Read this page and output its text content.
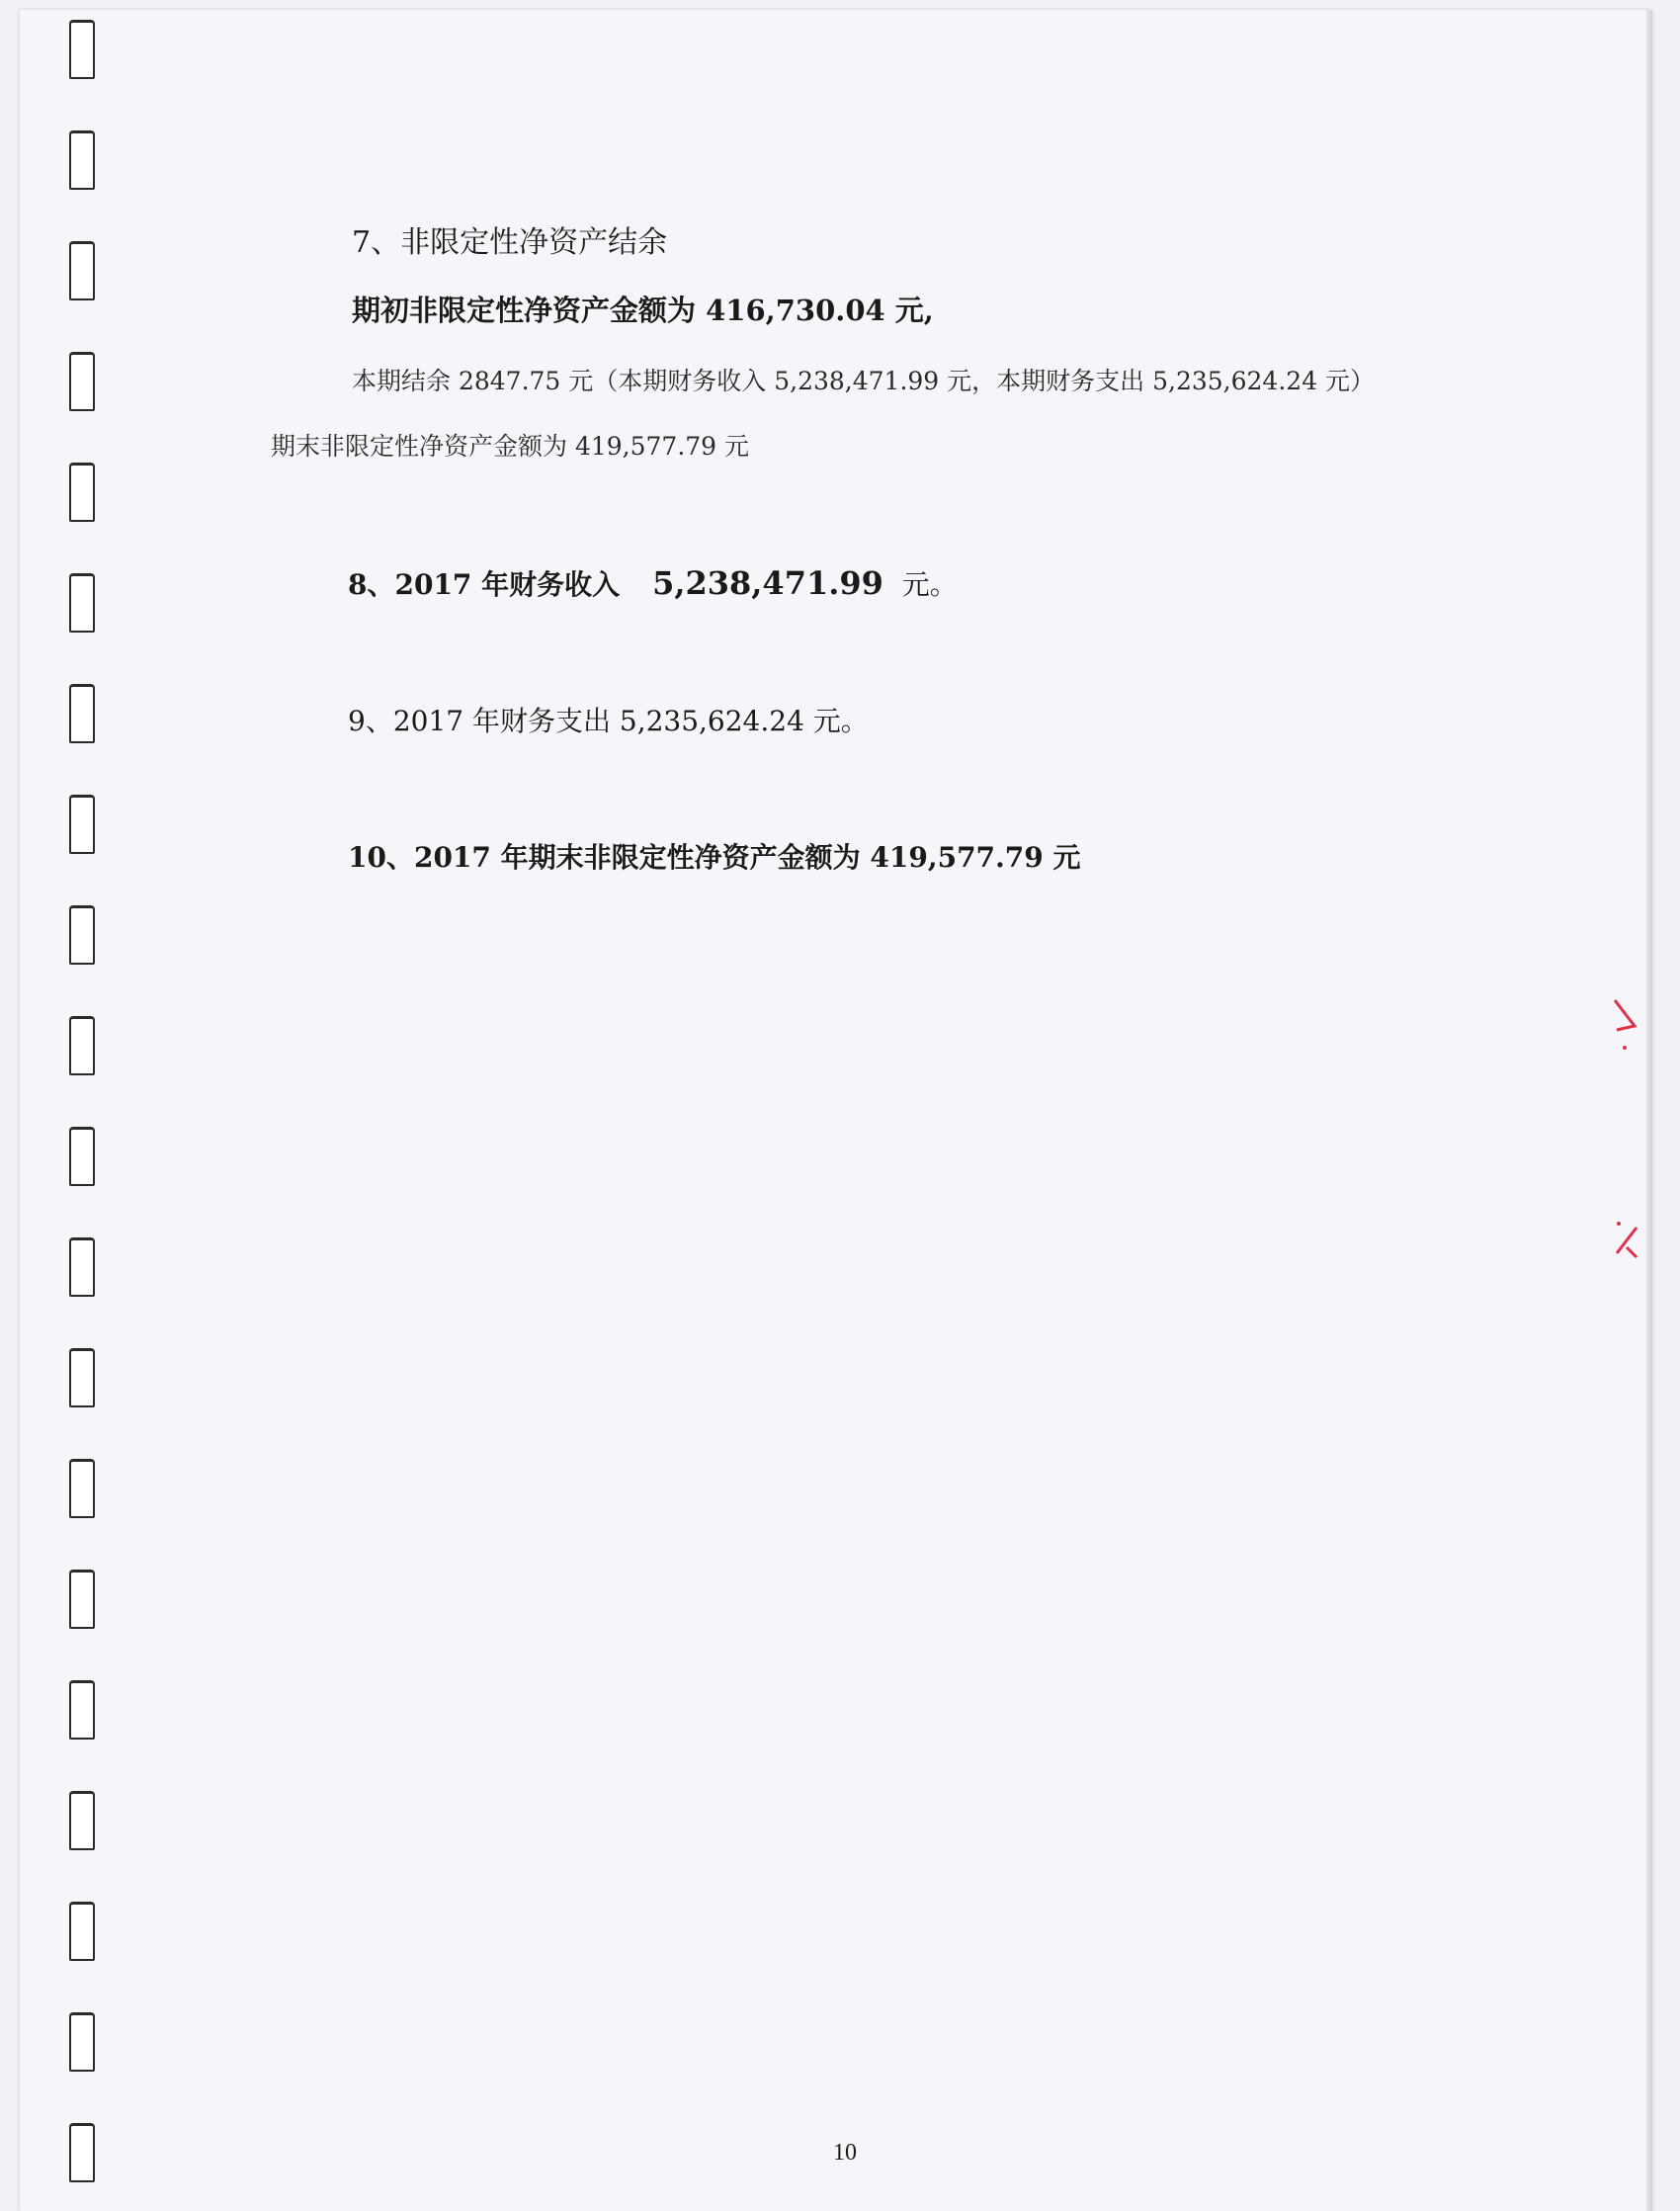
7、非限定性净资产结余
期初非限定性净资产金额为 416,730.04 元,
本期结余 2847.75 元（本期财务收入 5,238,471.99 元，本期财务支出 5,235,624.24 元）
期末非限定性净资产金额为 419,577.79 元
8、2017 年财务收入 5,238,471.99 元。
9、2017 年财务支出 5,235,624.24 元。
10、2017 年期末非限定性净资产金额为 419,577.79 元
10
